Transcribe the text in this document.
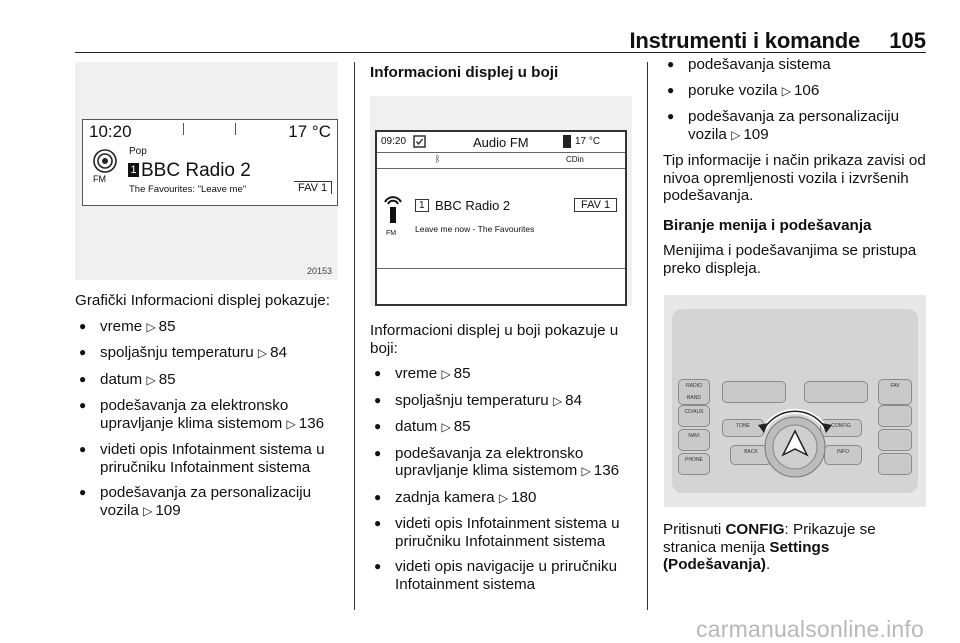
Instrumenti i komande 105
10:20	17 °C
FM
Pop
1 BBC Radio 2
The Favourites: "Leave me"	FAV 1
20153

Grafički Informacioni displej pokazuje:

● vreme ▷ 85
● spoljašnju temperaturu ▷ 84
● datum ▷ 85
● podešavanja za elektronsko upravljanje klima sistemom ▷ 136
● videti opis Infotainment sistema u priručniku Infotainment sistema
● podešavanja za personalizaciju vozila ▷ 109

Informacioni displej u boji

09:20	Audio FM	17 °C
ᛒ	CDin
FM
1 BBC Radio 2	FAV 1
Leave me now - The Favourites

Informacioni displej u boji pokazuje u boji:

● vreme ▷ 85
● spoljašnju temperaturu ▷ 84
● datum ▷ 85
● podešavanja za elektronsko upravljanje klima sistemom ▷ 136
● zadnja kamera ▷ 180
● videti opis Infotainment sistema u priručniku Infotainment sistema
● videti opis navigacije u priručniku Infotainment sistema
● podešavanja sistema
● poruke vozila ▷ 106
● podešavanja za personalizaciju vozila ▷ 109

Tip informacije i način prikaza zavisi od nivoa opremljenosti vozila i izvršenih podešavanja.

Biranje menija i podešavanja

Menijima i podešavanjima se pristupa preko displeja.

RADIO BAND
CD/AUX
NAVI
PHONE
TONE
BACK
CONFIG
INFO
FAV

Pritisnuti CONFIG: Prikazuje se stranica menija Settings (Podešavanja).

carmanualsonline.info
